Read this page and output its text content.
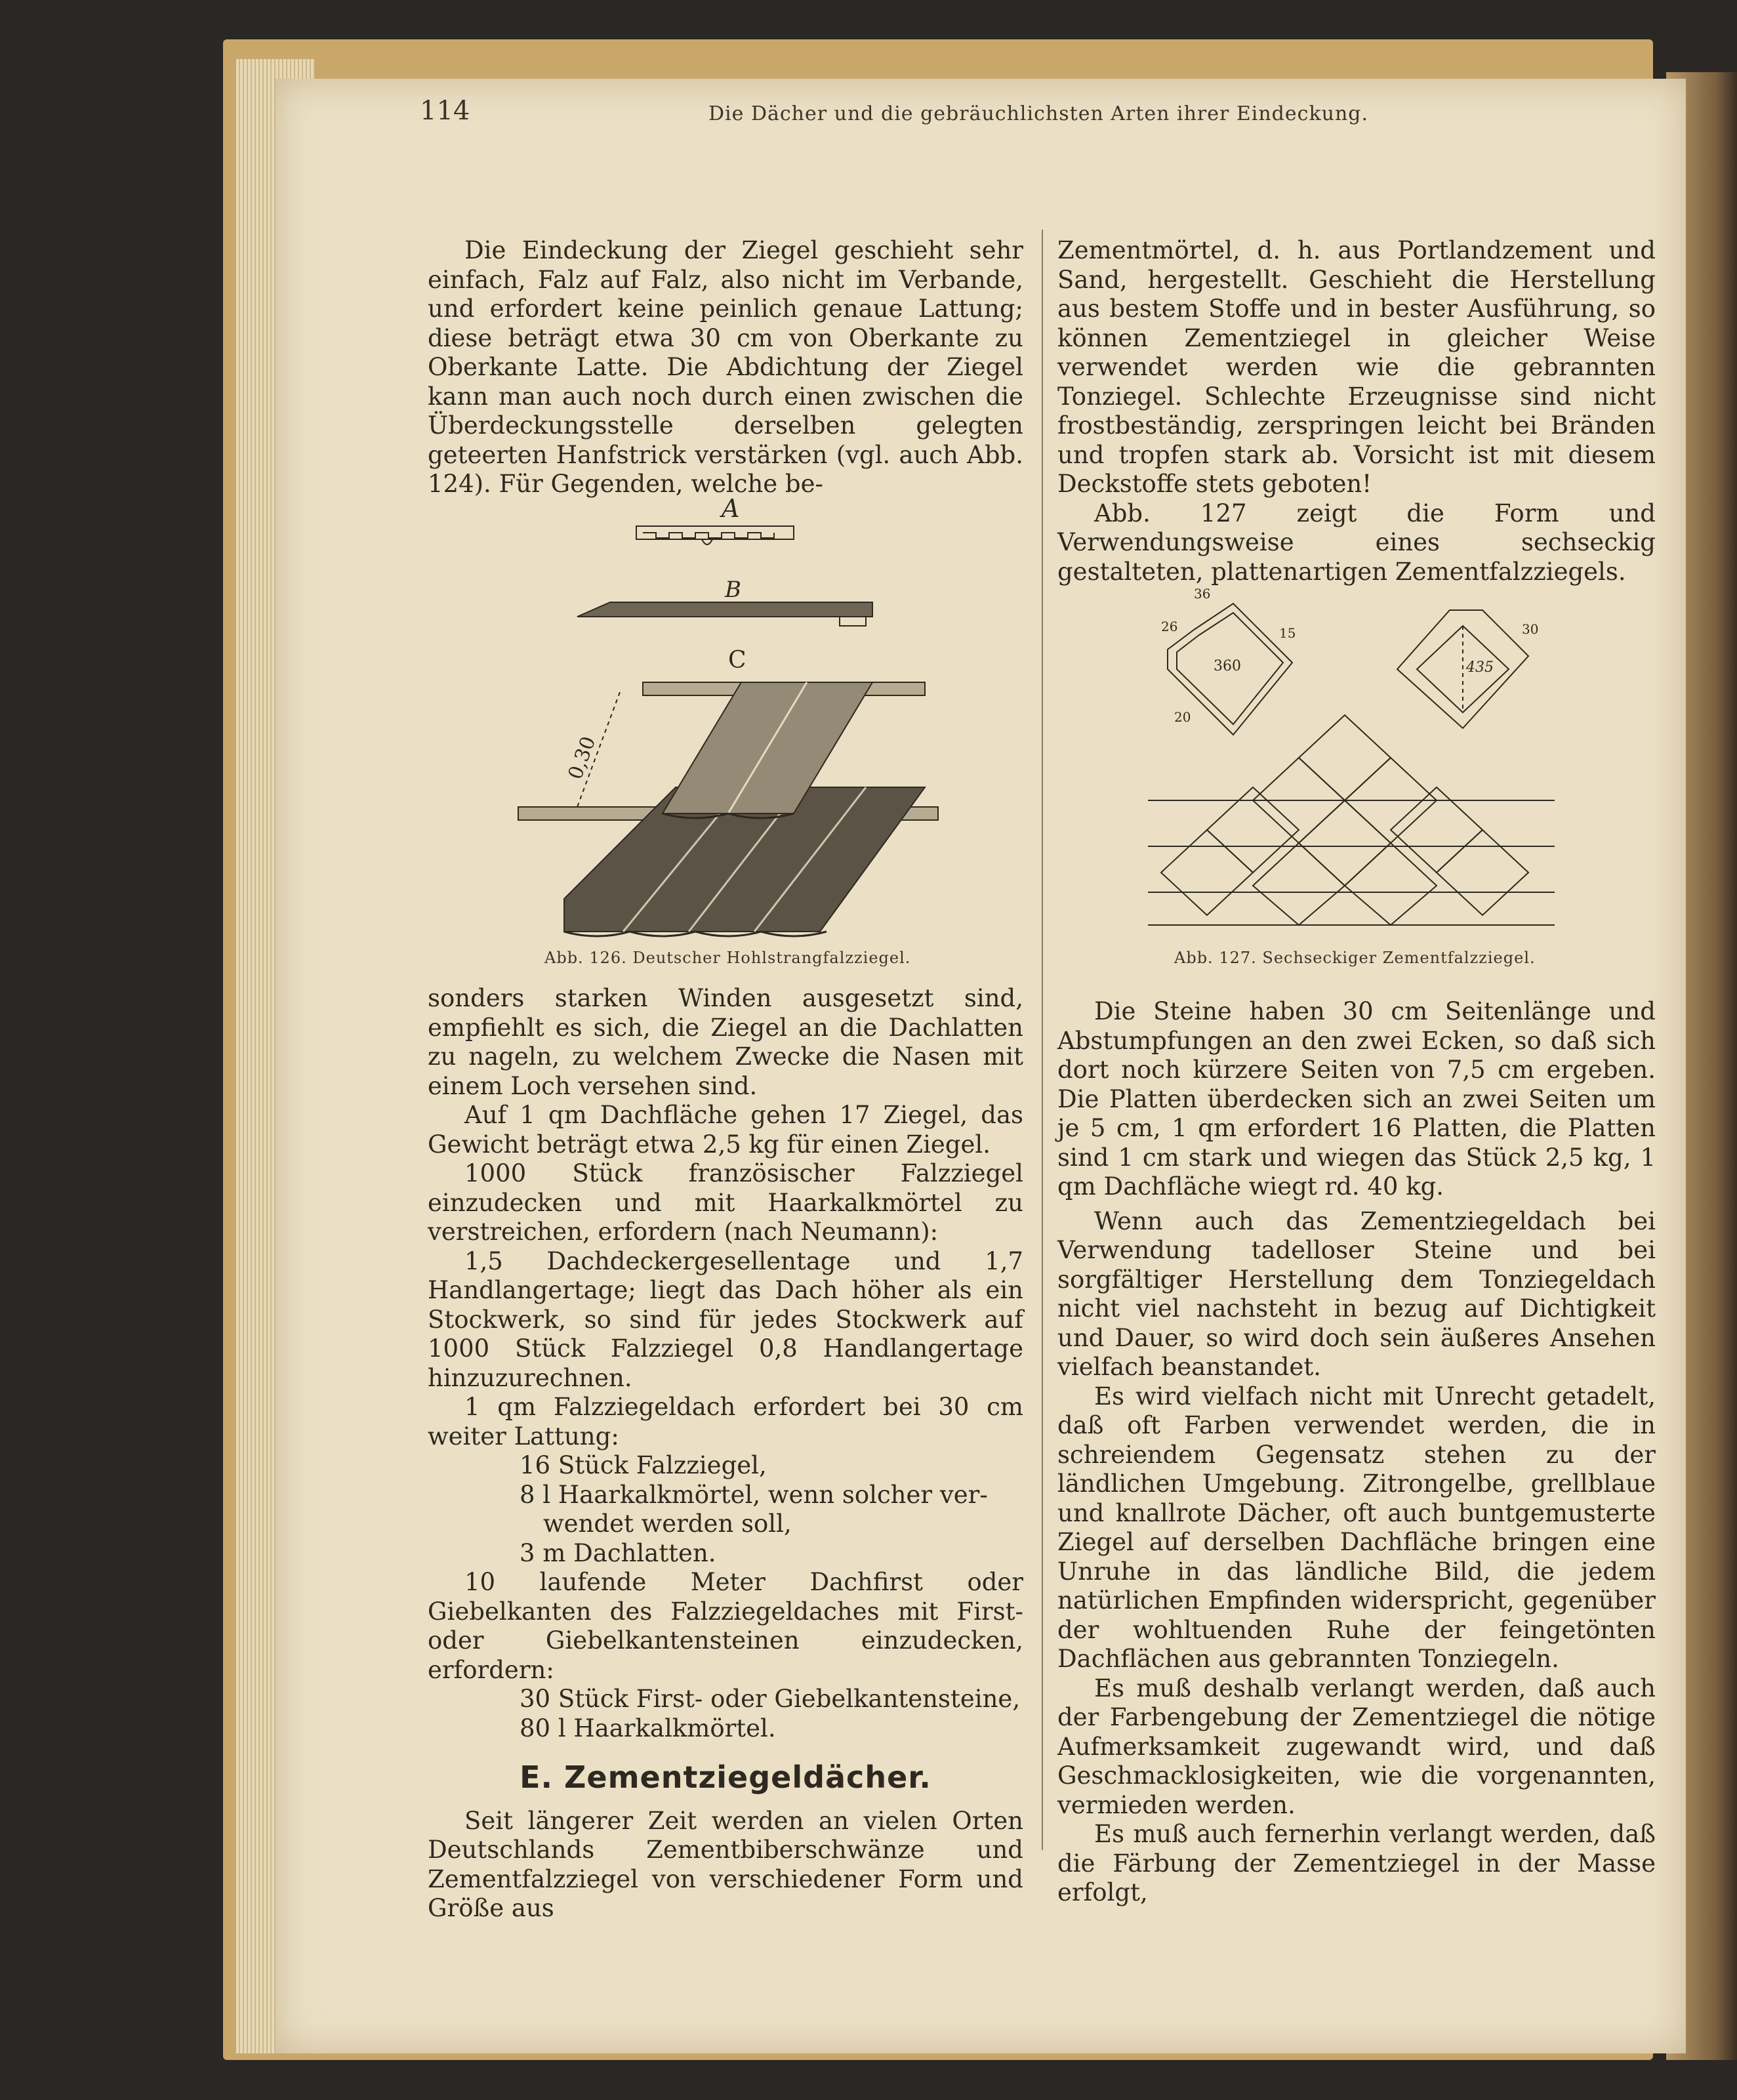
114	Die Dächer und die gebräuchlichsten Arten ihrer Eindeckung.

Die Eindeckung der Ziegel geschieht sehr einfach, Falz auf Falz, also nicht im Verbande, und erfordert keine peinlich genaue Lattung; diese beträgt etwa 30 cm von Oberkante zu Oberkante Latte. Die Abdichtung der Ziegel kann man auch noch durch einen zwischen die Überdeckungsstelle derselben gelegten geteerten Hanfstrick verstärken (vgl. auch Abb. 124). Für Gegenden, welche be-

A
B
C
0,30
Abb. 126. Deutscher Hohlstrangfalzziegel.

sonders starken Winden ausgesetzt sind, empfiehlt es sich, die Ziegel an die Dachlatten zu nageln, zu welchem Zwecke die Nasen mit einem Loch versehen sind.

Auf 1 qm Dachfläche gehen 17 Ziegel, das Gewicht beträgt etwa 2,5 kg für einen Ziegel.

1000 Stück französischer Falzziegel einzudecken und mit Haarkalkmörtel zu verstreichen, erfordern (nach Neumann):

1,5 Dachdeckergesellentage und 1,7 Handlangertage; liegt das Dach höher als ein Stockwerk, so sind für jedes Stockwerk auf 1000 Stück Falzziegel 0,8 Handlangertage hinzuzurechnen.

1 qm Falzziegeldach erfordert bei 30 cm weiter Lattung:

16 Stück Falzziegel,

8 l Haarkalkmörtel, wenn solcher ver-

wendet werden soll,

3 m Dachlatten.

10 laufende Meter Dachfirst oder Giebelkanten des Falzziegeldaches mit First- oder Giebelkantensteinen einzudecken, erfordern:

30 Stück First- oder Giebelkantensteine,

80 l Haarkalkmörtel.

E. Zementziegeldächer.

Seit längerer Zeit werden an vielen Orten Deutschlands Zementbiberschwänze und Zementfalzziegel von verschiedener Form und Größe aus

Zementmörtel, d. h. aus Portlandzement und Sand, hergestellt. Geschieht die Herstellung aus bestem Stoffe und in bester Ausführung, so können Zementziegel in gleicher Weise verwendet werden wie die gebrannten Tonziegel. Schlechte Erzeugnisse sind nicht frostbeständig, zerspringen leicht bei Bränden und tropfen stark ab. Vorsicht ist mit diesem Deckstoffe stets geboten!

Abb. 127 zeigt die Form und Verwendungsweise eines sechseckig gestalteten, plattenartigen Zementfalzziegels.

36
26	15
360
20
435
30
Abb. 127. Sechseckiger Zementfalzziegel.

Die Steine haben 30 cm Seitenlänge und Abstumpfungen an den zwei Ecken, so daß sich dort noch kürzere Seiten von 7,5 cm ergeben. Die Platten überdecken sich an zwei Seiten um je 5 cm, 1 qm erfordert 16 Platten, die Platten sind 1 cm stark und wiegen das Stück 2,5 kg, 1 qm Dachfläche wiegt rd. 40 kg.

Wenn auch das Zementziegeldach bei Verwendung tadelloser Steine und bei sorgfältiger Herstellung dem Tonziegeldach nicht viel nachsteht in bezug auf Dichtigkeit und Dauer, so wird doch sein äußeres Ansehen vielfach beanstandet.

Es wird vielfach nicht mit Unrecht getadelt, daß oft Farben verwendet werden, die in schreiendem Gegensatz stehen zu der ländlichen Umgebung. Zitrongelbe, grellblaue und knallrote Dächer, oft auch buntgemusterte Ziegel auf derselben Dachfläche bringen eine Unruhe in das ländliche Bild, die jedem natürlichen Empfinden widerspricht, gegenüber der wohltuenden Ruhe der feingetönten Dachflächen aus gebrannten Tonziegeln.

Es muß deshalb verlangt werden, daß auch der Farbengebung der Zementziegel die nötige Aufmerksamkeit zugewandt wird, und daß Geschmacklosigkeiten, wie die vorgenannten, vermieden werden.

Es muß auch fernerhin verlangt werden, daß die Färbung der Zementziegel in der Masse erfolgt,
